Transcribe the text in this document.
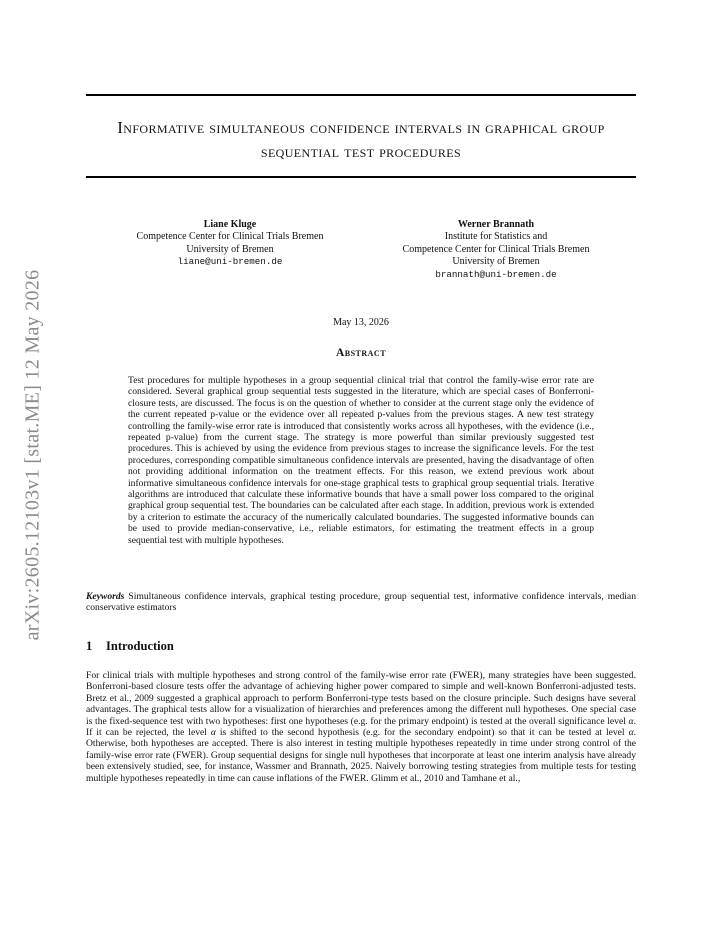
arXiv:2605.12103v1 [stat.ME] 12 May 2026
Informative simultaneous confidence intervals in graphical group sequential test procedures
Liane Kluge
Competence Center for Clinical Trials Bremen
University of Bremen
liane@uni-bremen.de
Werner Brannath
Institute for Statistics and
Competence Center for Clinical Trials Bremen
University of Bremen
brannath@uni-bremen.de
May 13, 2026
Abstract
Test procedures for multiple hypotheses in a group sequential clinical trial that control the family-wise error rate are considered. Several graphical group sequential tests suggested in the literature, which are special cases of Bonferroni-closure tests, are discussed. The focus is on the question of whether to consider at the current stage only the evidence of the current repeated p-value or the evidence over all repeated p-values from the previous stages. A new test strategy controlling the family-wise error rate is introduced that consistently works across all hypotheses, with the evidence (i.e., repeated p-value) from the current stage. The strategy is more powerful than similar previously suggested test procedures. This is achieved by using the evidence from previous stages to increase the significance levels. For the test procedures, corresponding compatible simultaneous confidence intervals are presented, having the disadvantage of often not providing additional information on the treatment effects. For this reason, we extend previous work about informative simultaneous confidence intervals for one-stage graphical tests to graphical group sequential trials. Iterative algorithms are introduced that calculate these informative bounds that have a small power loss compared to the original graphical group sequential test. The boundaries can be calculated after each stage. In addition, previous work is extended by a criterion to estimate the accuracy of the numerically calculated boundaries. The suggested informative bounds can be used to provide median-conservative, i.e., reliable estimators, for estimating the treatment effects in a group sequential test with multiple hypotheses.
Keywords Simultaneous confidence intervals, graphical testing procedure, group sequential test, informative confidence intervals, median conservative estimators
1 Introduction
For clinical trials with multiple hypotheses and strong control of the family-wise error rate (FWER), many strategies have been suggested. Bonferroni-based closure tests offer the advantage of achieving higher power compared to simple and well-known Bonferroni-adjusted tests. Bretz et al., 2009 suggested a graphical approach to perform Bonferroni-type tests based on the closure principle. Such designs have several advantages. The graphical tests allow for a visualization of hierarchies and preferences among the different null hypotheses. One special case is the fixed-sequence test with two hypotheses: first one hypotheses (e.g. for the primary endpoint) is tested at the overall significance level α. If it can be rejected, the level α is shifted to the second hypothesis (e.g. for the secondary endpoint) so that it can be tested at level α. Otherwise, both hypotheses are accepted. There is also interest in testing multiple hypotheses repeatedly in time under strong control of the family-wise error rate (FWER). Group sequential designs for single null hypotheses that incorporate at least one interim analysis have already been extensively studied, see, for instance, Wassmer and Brannath, 2025. Naively borrowing testing strategies from multiple tests for testing multiple hypotheses repeatedly in time can cause inflations of the FWER. Glimm et al., 2010 and Tamhane et al.,
